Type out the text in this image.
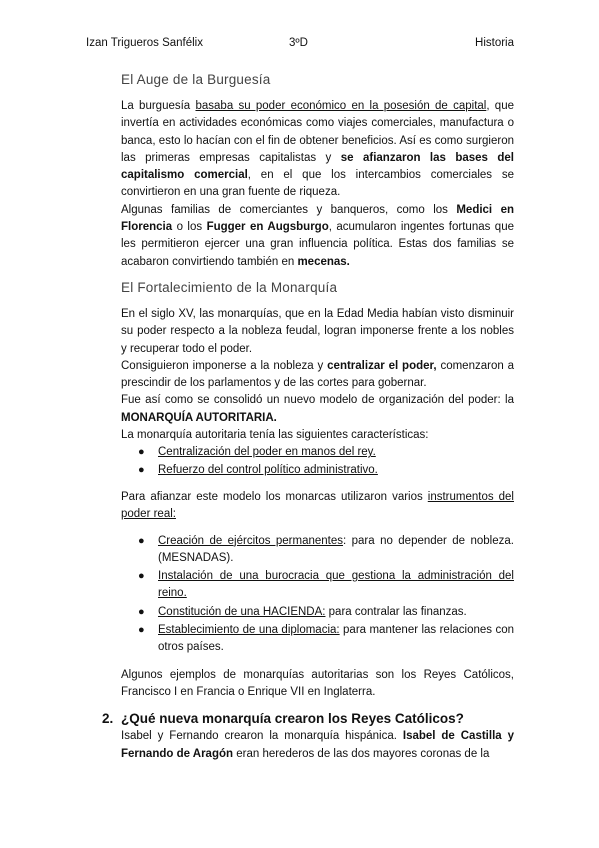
Izan Trigueros Sanfélix	3ºD	Historia
El Auge de la Burguesía

La burguesía basaba su poder económico en la posesión de capital, que invertía en actividades económicas como viajes comerciales, manufactura o banca, esto lo hacían con el fin de obtener beneficios. Así es como surgieron las primeras empresas capitalistas y se afianzaron las bases del capitalismo comercial, en el que los intercambios comerciales se convirtieron en una gran fuente de riqueza.

Algunas familias de comerciantes y banqueros, como los Medici en Florencia o los Fugger en Augsburgo, acumularon ingentes fortunas que les permitieron ejercer una gran influencia política. Estas dos familias se acabaron convirtiendo también en mecenas.

El Fortalecimiento de la Monarquía

En el siglo XV, las monarquías, que en la Edad Media habían visto disminuir su poder respecto a la nobleza feudal, logran imponerse frente a los nobles y recuperar todo el poder.

Consiguieron imponerse a la nobleza y centralizar el poder, comenzaron a prescindir de los parlamentos y de las cortes para gobernar.

Fue así como se consolidó un nuevo modelo de organización del poder: la MONARQUÍA AUTORITARIA.

La monarquía autoritaria tenía las siguientes características:

● Centralización del poder en manos del rey.
● Refuerzo del control político administrativo.

Para afianzar este modelo los monarcas utilizaron varios instrumentos del poder real:

● Creación de ejércitos permanentes: para no depender de nobleza. (MESNADAS).
● Instalación de una burocracia que gestiona la administración del reino.
● Constitución de una HACIENDA: para contralar las finanzas.
● Establecimiento de una diplomacia: para mantener las relaciones con otros países.

Algunos ejemplos de monarquías autoritarias son los Reyes Católicos, Francisco I en Francia o Enrique VII en Inglaterra.

2. ¿Qué nueva monarquía crearon los Reyes Católicos?

Isabel y Fernando crearon la monarquía hispánica. Isabel de Castilla y Fernando de Aragón eran herederos de las dos mayores coronas de la
